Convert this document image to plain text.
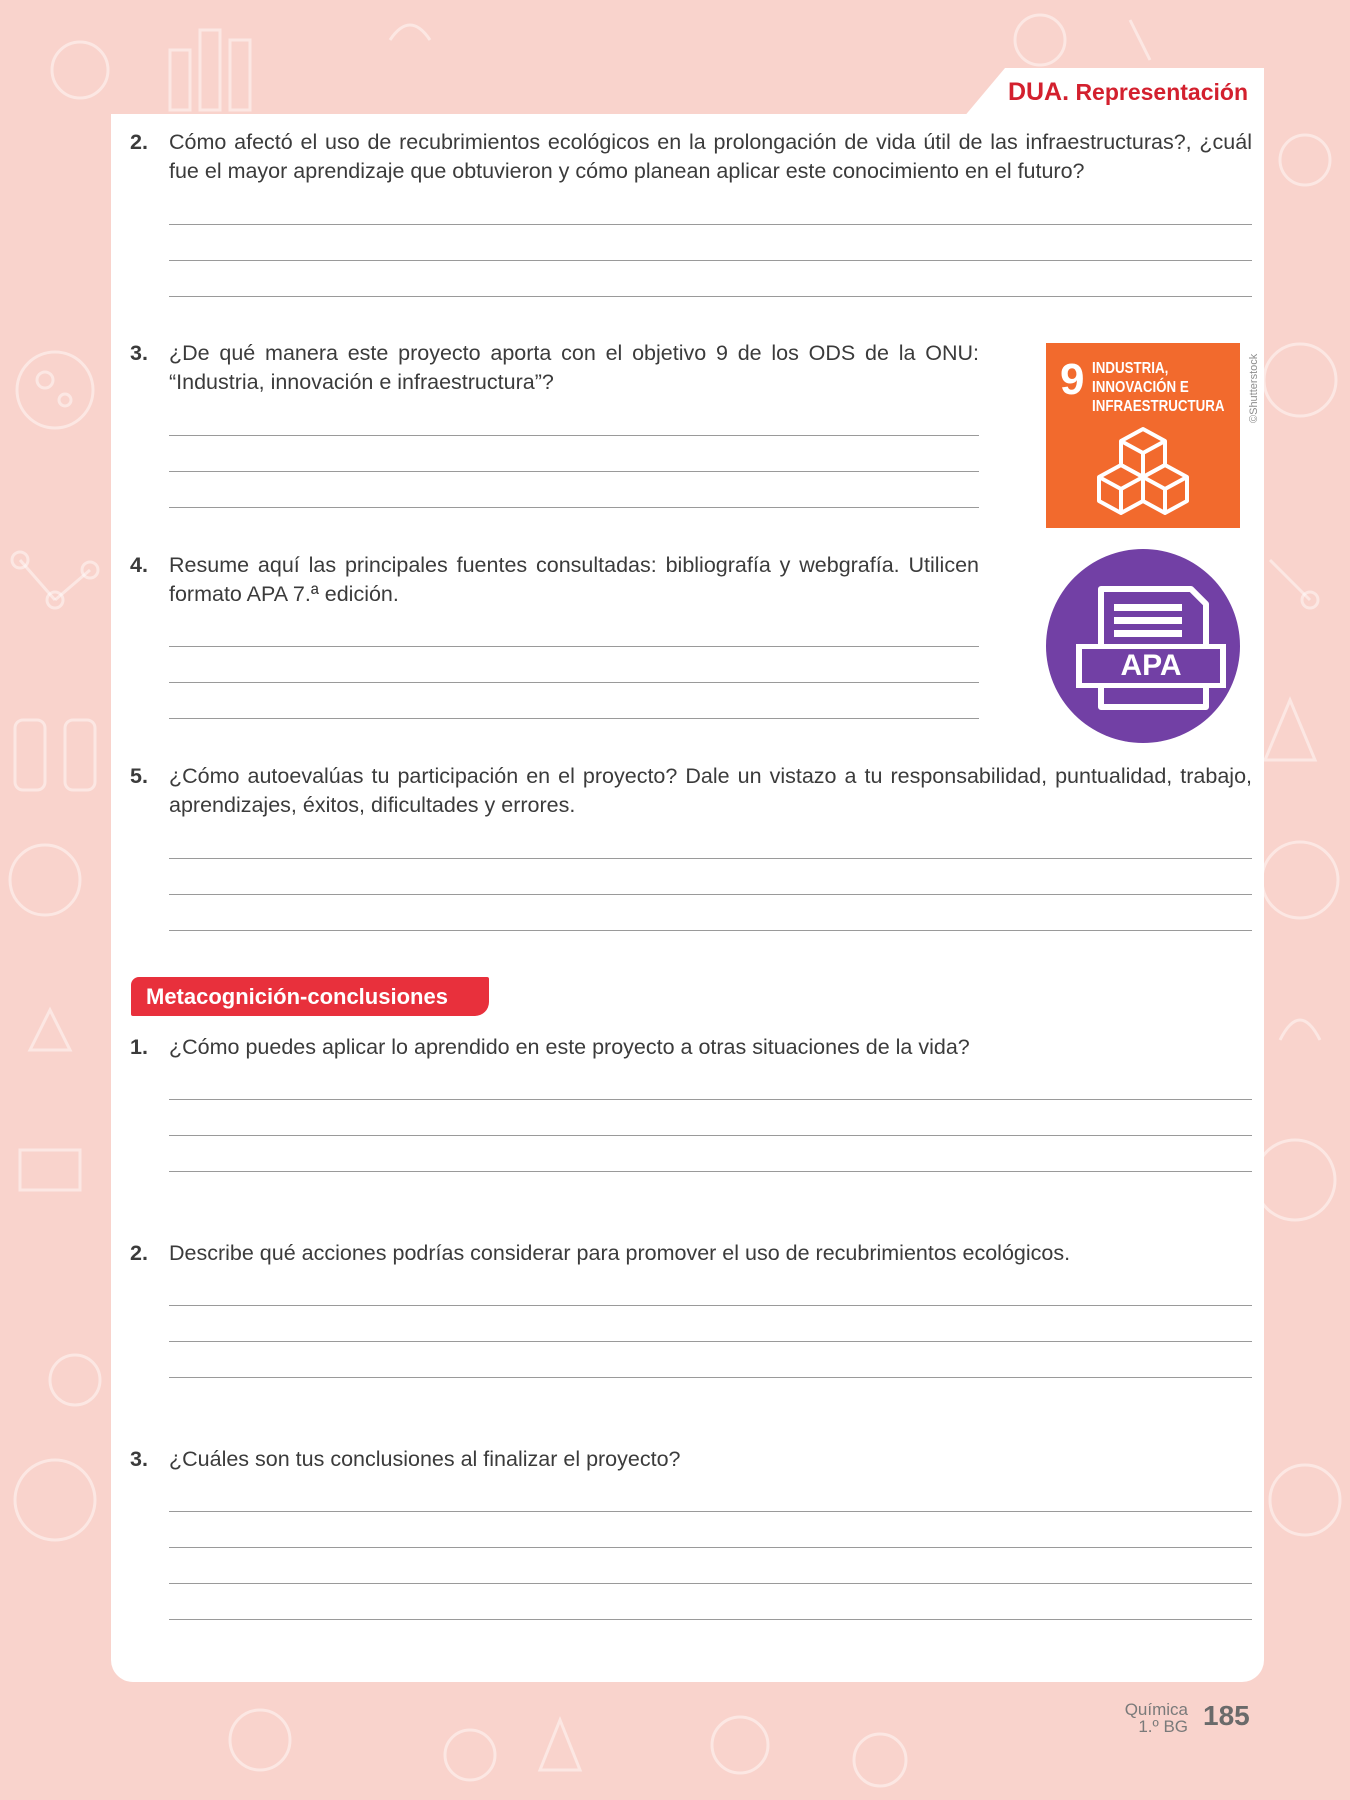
DUA. Representación
2. Cómo afectó el uso de recubrimientos ecológicos en la prolongación de vida útil de las infraestructuras?, ¿cuál fue el mayor aprendizaje que obtuvieron y cómo planean aplicar este conocimiento en el futuro?
3. ¿De qué manera este proyecto aporta con el objetivo 9 de los ODS de la ONU: “Industria, innovación e infraestructura”?	9 INDUSTRIA,
INNOVACIÓN E
INFRAESTRUCTURA ©Shutterstock
4. Resume aquí las principales fuentes consultadas: bibliografía y webgrafía. Utilicen formato APA 7.ª edición.
APA
5. ¿Cómo autoevalúas tu participación en el proyecto? Dale un vistazo a tu responsabilidad, puntualidad, trabajo, aprendizajes, éxitos, dificultades y errores.
Metacognición-conclusiones
1. ¿Cómo puedes aplicar lo aprendido en este proyecto a otras situaciones de la vida?
2. Describe qué acciones podrías considerar para promover el uso de recubrimientos ecológicos.
3. ¿Cuáles son tus conclusiones al finalizar el proyecto?
Química
1.º BG 185
